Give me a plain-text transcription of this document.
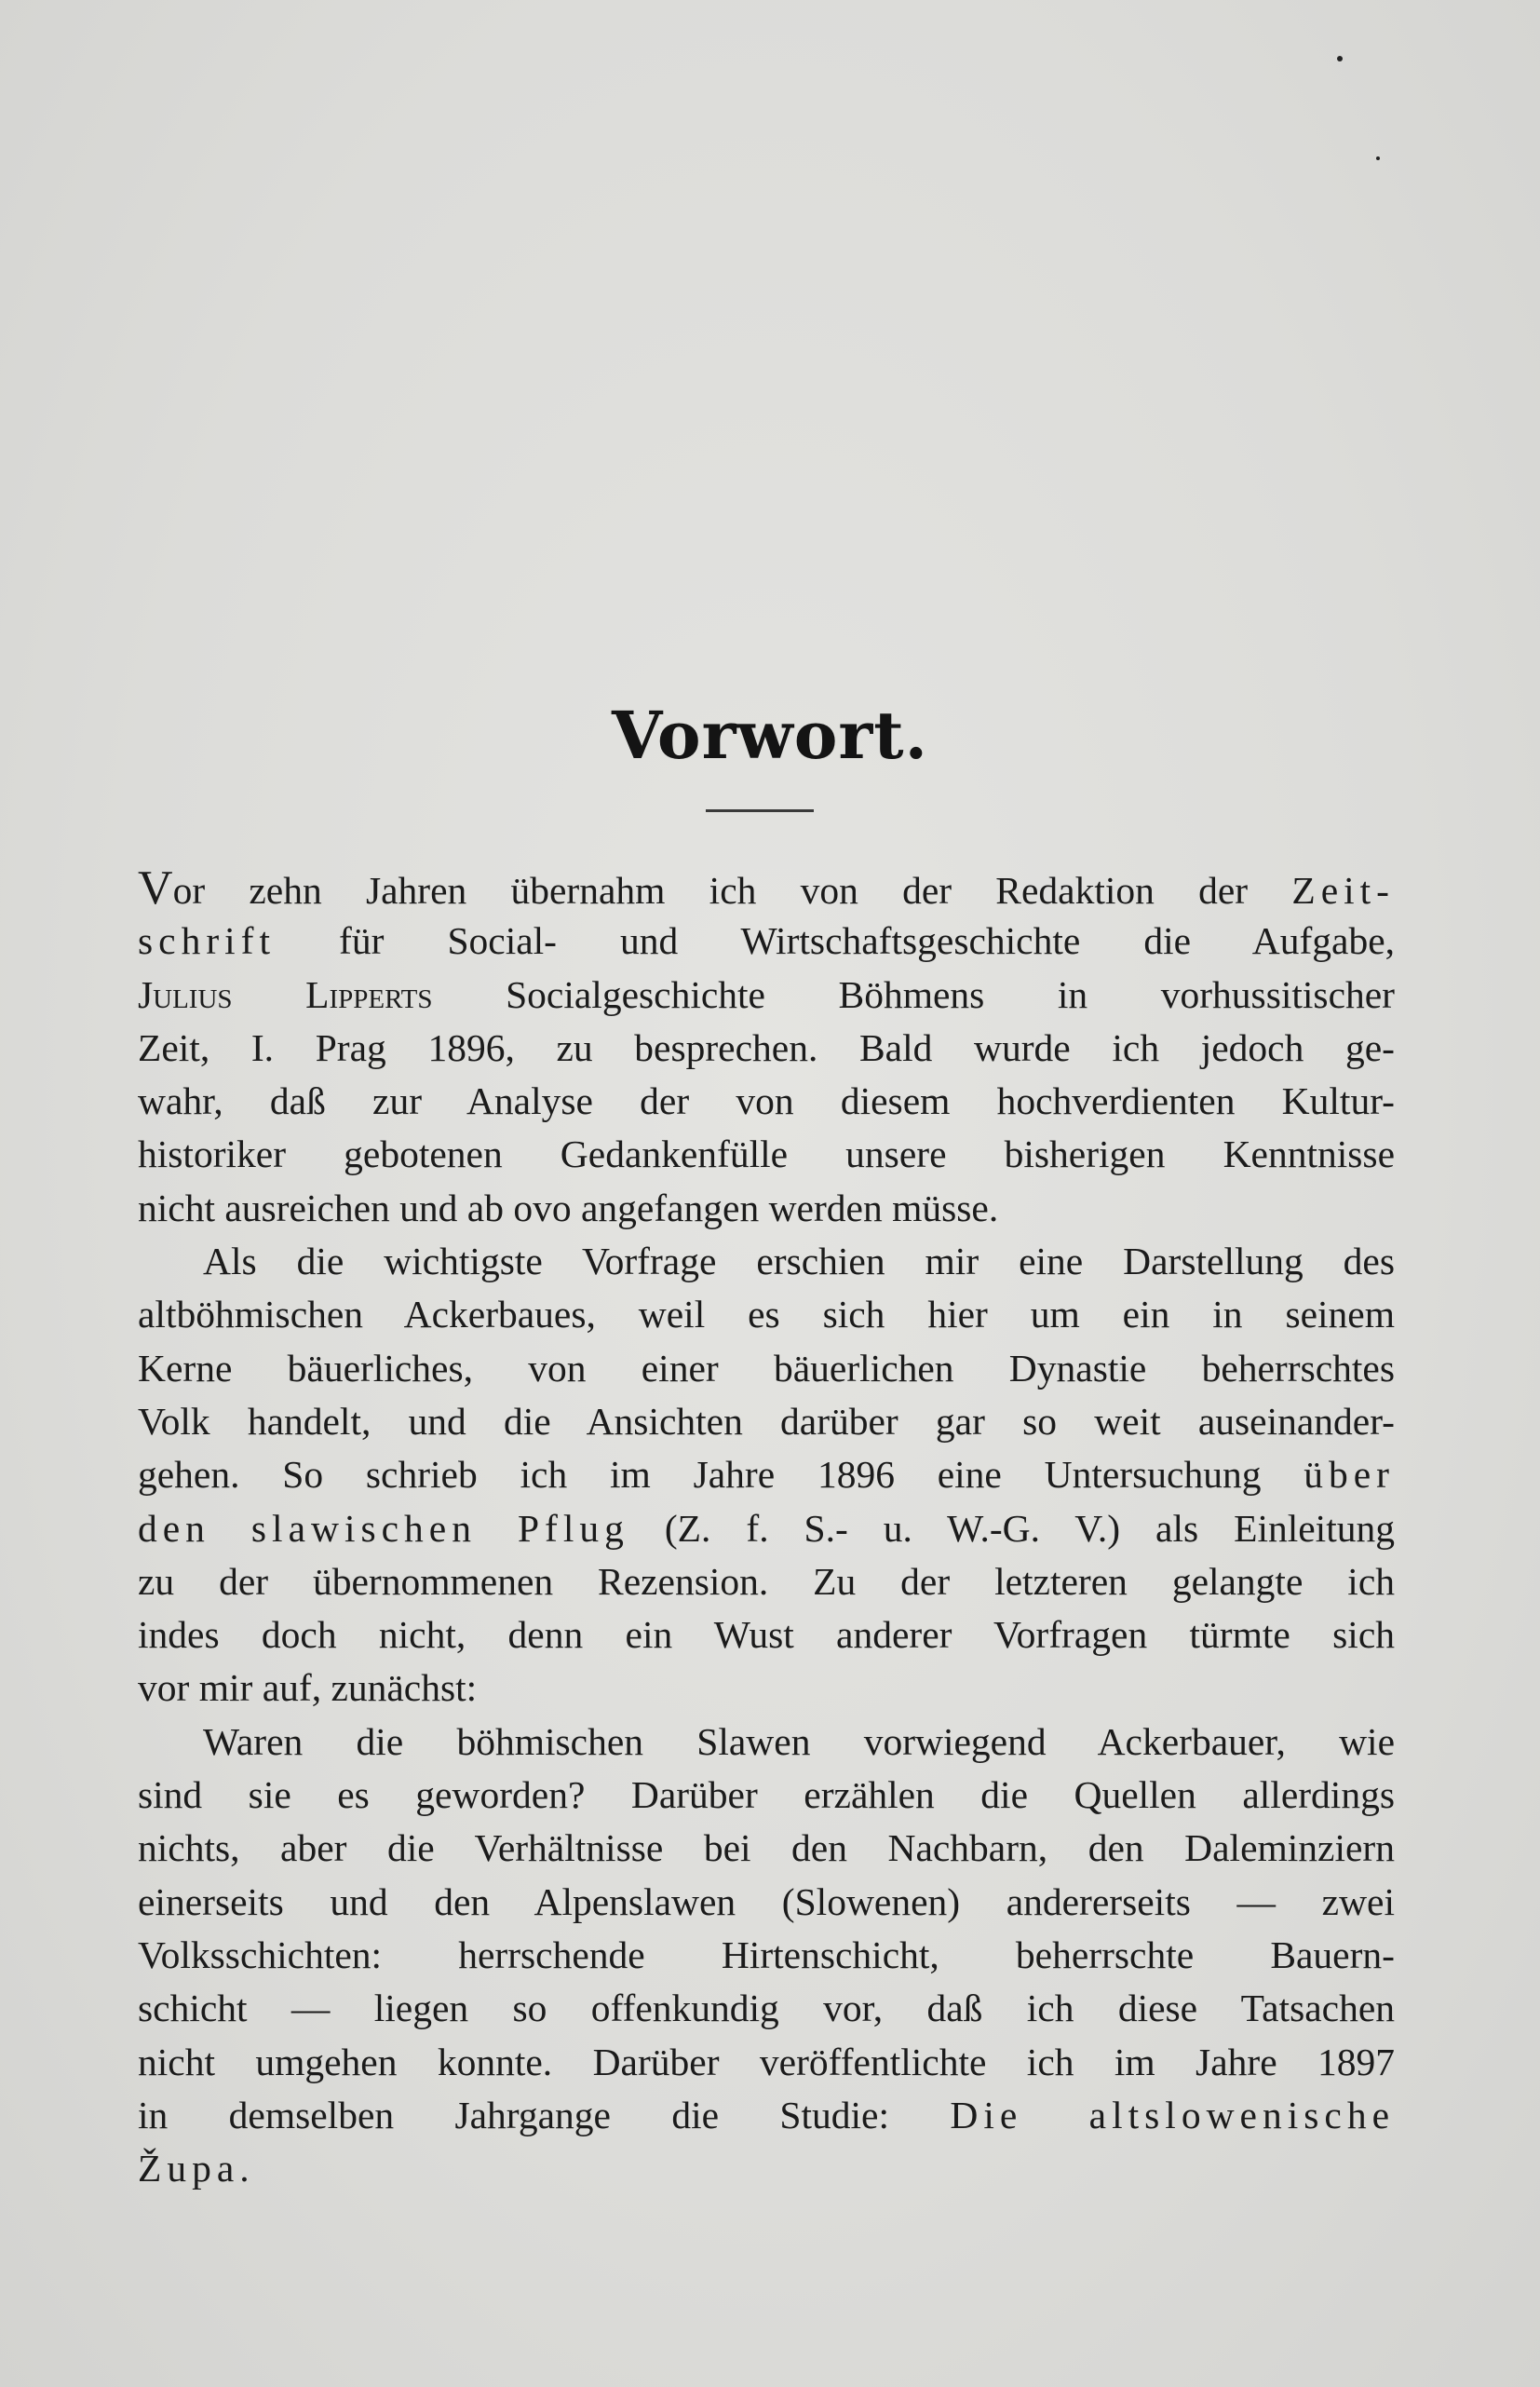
Vorwort.
Vor zehn Jahren übernahm ich von der Redaktion der Zeit-
schrift für Social- und Wirtschaftsgeschichte die Aufgabe,
Julius Lipperts Socialgeschichte Böhmens in vorhussitischer
Zeit, I. Prag 1896, zu besprechen. Bald wurde ich jedoch ge-
wahr, daß zur Analyse der von diesem hochverdienten Kultur-
historiker gebotenen Gedankenfülle unsere bisherigen Kenntnisse
nicht ausreichen und ab ovo angefangen werden müsse.
Als die wichtigste Vorfrage erschien mir eine Darstellung des
altböhmischen Ackerbaues, weil es sich hier um ein in seinem
Kerne bäuerliches, von einer bäuerlichen Dynastie beherrschtes
Volk handelt, und die Ansichten darüber gar so weit auseinander-
gehen. So schrieb ich im Jahre 1896 eine Untersuchung über
den slawischen Pflug (Z. f. S.- u. W.-G. V.) als Einleitung
zu der übernommenen Rezension. Zu der letzteren gelangte ich
indes doch nicht, denn ein Wust anderer Vorfragen türmte sich
vor mir auf, zunächst:
Waren die böhmischen Slawen vorwiegend Ackerbauer, wie
sind sie es geworden? Darüber erzählen die Quellen allerdings
nichts, aber die Verhältnisse bei den Nachbarn, den Daleminziern
einerseits und den Alpenslawen (Slowenen) andererseits — zwei
Volksschichten: herrschende Hirtenschicht, beherrschte Bauern-
schicht — liegen so offenkundig vor, daß ich diese Tatsachen
nicht umgehen konnte. Darüber veröffentlichte ich im Jahre 1897
in demselben Jahrgange die Studie: Die altslowenische
Župa.
